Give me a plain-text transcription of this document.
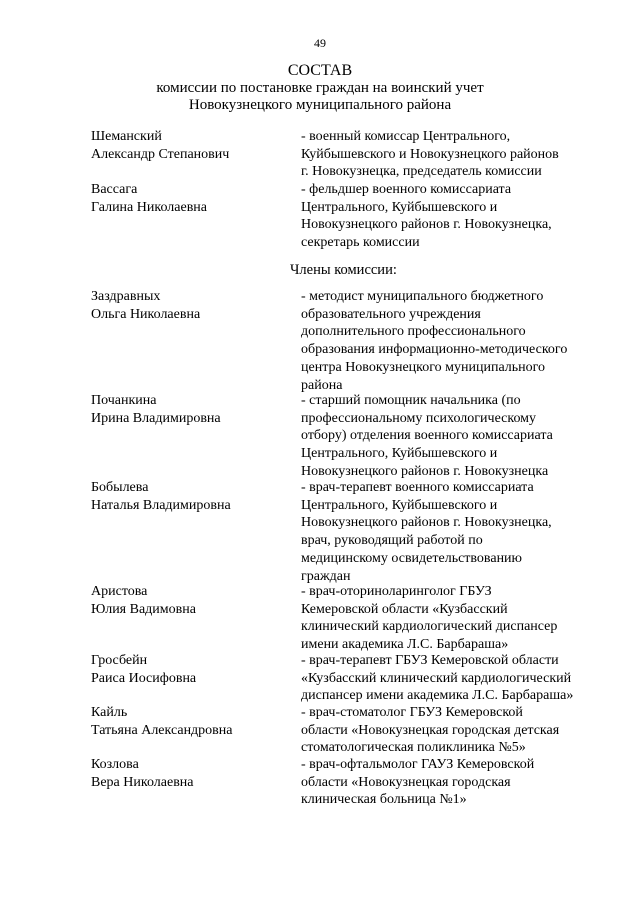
49
СОСТАВ
комиссии по постановке граждан на воинский учет
Новокузнецкого муниципального района
Шеманский
Александр Степанович
- военный комиссар Центрального,
Куйбышевского и Новокузнецкого районов
г. Новокузнецка, председатель комиссии
Вассага
Галина Николаевна
- фельдшер военного комиссариата
Центрального, Куйбышевского и
Новокузнецкого районов г. Новокузнецка,
секретарь комиссии
Члены комиссии:
Заздравных
Ольга Николаевна
- методист муниципального бюджетного
образовательного учреждения
дополнительного профессионального
образования информационно-методического
центра Новокузнецкого муниципального
района
Почанкина
Ирина Владимировна
- старший помощник начальника (по
профессиональному психологическому
отбору) отделения военного комиссариата
Центрального, Куйбышевского и
Новокузнецкого районов г. Новокузнецка
Бобылева
Наталья Владимировна
- врач-терапевт военного комиссариата
Центрального, Куйбышевского и
Новокузнецкого районов г. Новокузнецка,
врач, руководящий работой по
медицинскому освидетельствованию
граждан
Аристова
Юлия Вадимовна
- врач-оториноларинголог ГБУЗ
Кемеровской области «Кузбасский
клинический кардиологический диспансер
имени академика Л.С. Барбараша»
Гросбейн
Раиса Иосифовна
- врач-терапевт ГБУЗ Кемеровской области
«Кузбасский клинический кардиологический
диспансер имени академика Л.С. Барбараша»
Кайль
Татьяна Александровна
- врач-стоматолог ГБУЗ Кемеровской
области «Новокузнецкая городская детская
стоматологическая поликлиника №5»
Козлова
Вера Николаевна
- врач-офтальмолог ГАУЗ Кемеровской
области «Новокузнецкая городская
клиническая больница №1»
